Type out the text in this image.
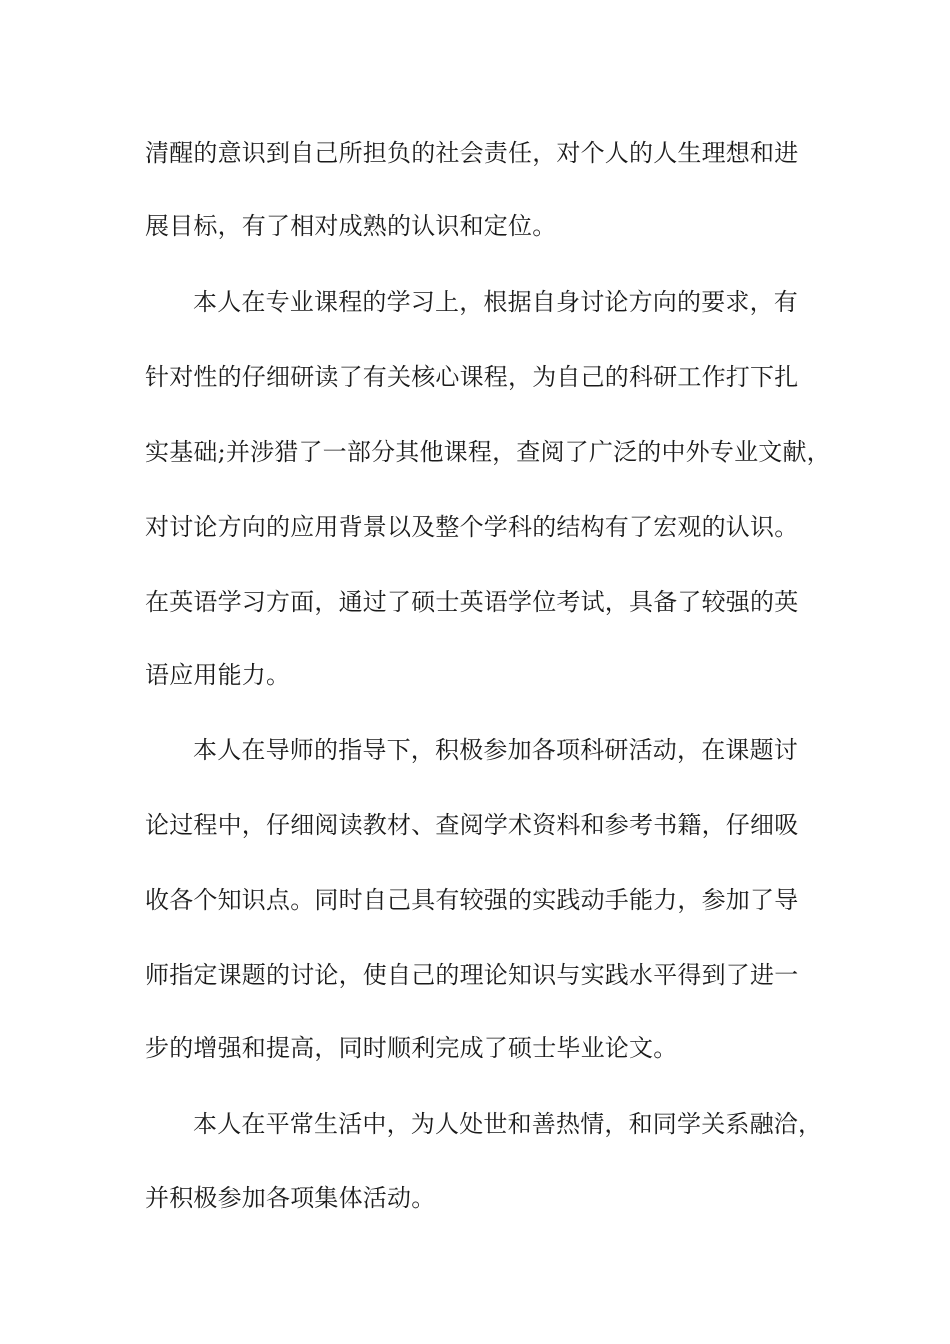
清醒的意识到自己所担负的社会责任，对个人的人生理想和进
展目标，有了相对成熟的认识和定位。
本人在专业课程的学习上，根据自身讨论方向的要求，有
针对性的仔细研读了有关核心课程，为自己的科研工作打下扎
实基础;并涉猎了一部分其他课程，查阅了广泛的中外专业文献，
对讨论方向的应用背景以及整个学科的结构有了宏观的认识。
在英语学习方面，通过了硕士英语学位考试，具备了较强的英
语应用能力。
本人在导师的指导下，积极参加各项科研活动，在课题讨
论过程中，仔细阅读教材、查阅学术资料和参考书籍，仔细吸
收各个知识点。同时自己具有较强的实践动手能力，参加了导
师指定课题的讨论，使自己的理论知识与实践水平得到了进一
步的增强和提高，同时顺利完成了硕士毕业论文。
本人在平常生活中，为人处世和善热情，和同学关系融洽，
并积极参加各项集体活动。
